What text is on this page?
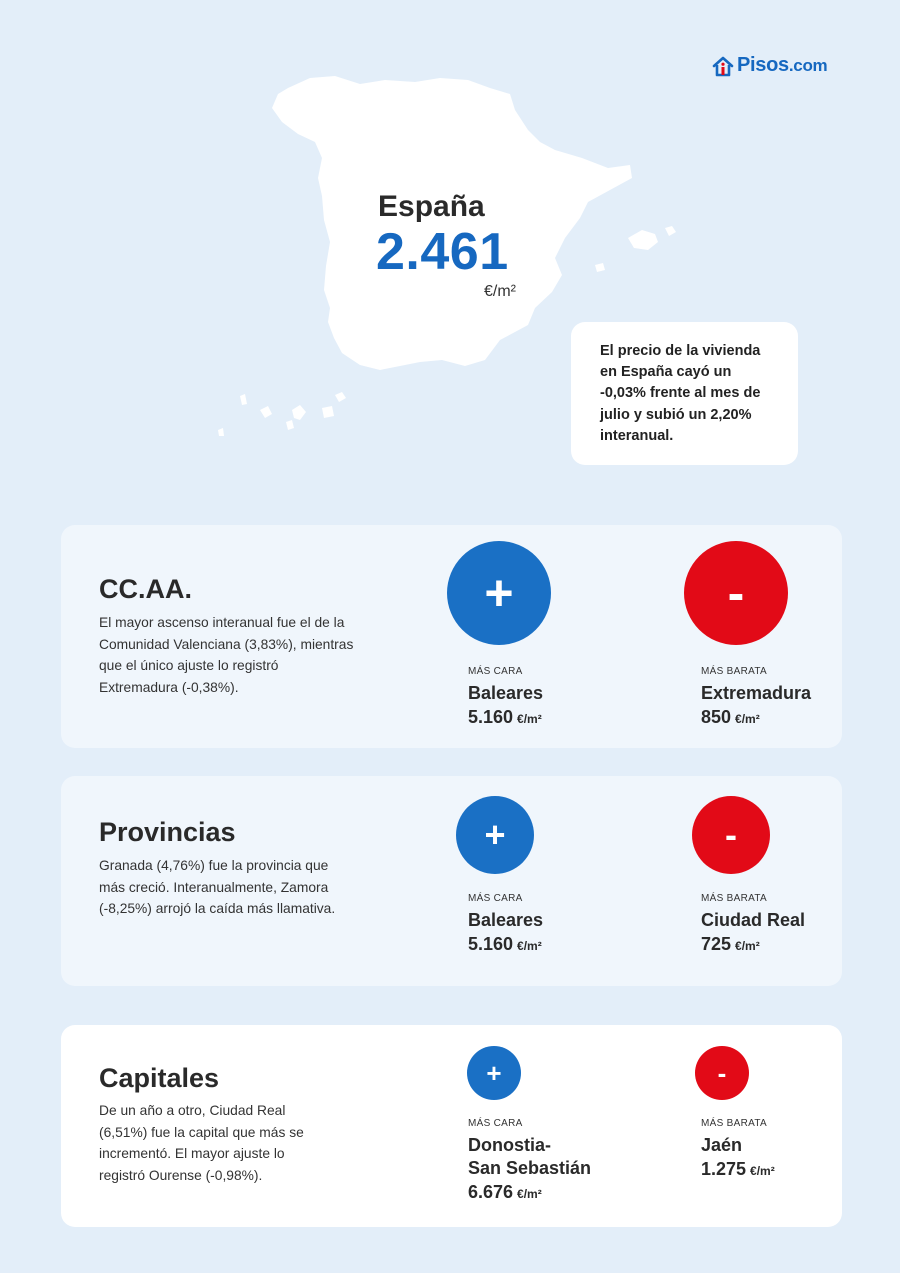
Pisos.com
España
2.461
€/m²

El precio de la vivienda en España cayó un -0,03% frente al mes de julio y subió un 2,20% interanual.

CC.AA.
El mayor ascenso interanual fue el de la Comunidad Valenciana (3,83%), mientras que el único ajuste lo registró Extremadura (-0,38%).
+	-
MÁS CARA
Baleares
5.160 €/m²
MÁS BARATA
Extremadura
850 €/m²
Provincias
Granada (4,76%) fue la provincia que más creció. Interanualmente, Zamora (-8,25%) arrojó la caída más llamativa.
+	-
MÁS CARA
Baleares
5.160 €/m²
MÁS BARATA
Ciudad Real
725 €/m²
Capitales
De un año a otro, Ciudad Real (6,51%) fue la capital que más se incrementó. El mayor ajuste lo registró Ourense (-0,98%).
+	-
MÁS CARA
Donostia-
San Sebastián
6.676 €/m²
MÁS BARATA
Jaén
1.275 €/m²
